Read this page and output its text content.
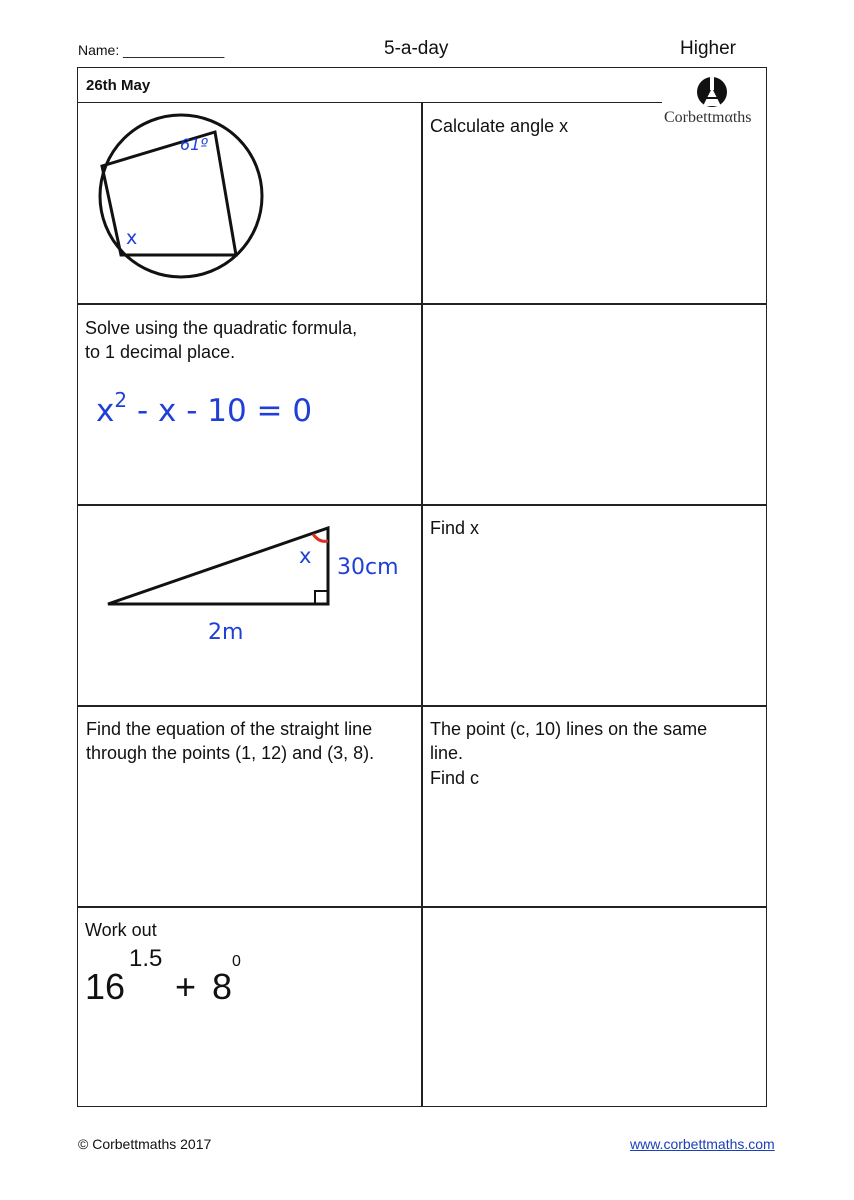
Name: _____________	5-a-day	Higher
26th May
Corbettmαths
61º
x
Calculate angle x
Solve using the quadratic formula,
to 1 decimal place.
$x^2 - x - 10 = 0$
x 30cm
2m
Find x
Find the equation of the straight line
through the points (1, 12) and (3, 8).
The point (c, 10) lines on the same
line.
Find c
Work out
16
1.5
+ 8
0
© Corbettmaths 2017	www.corbettmaths.com
